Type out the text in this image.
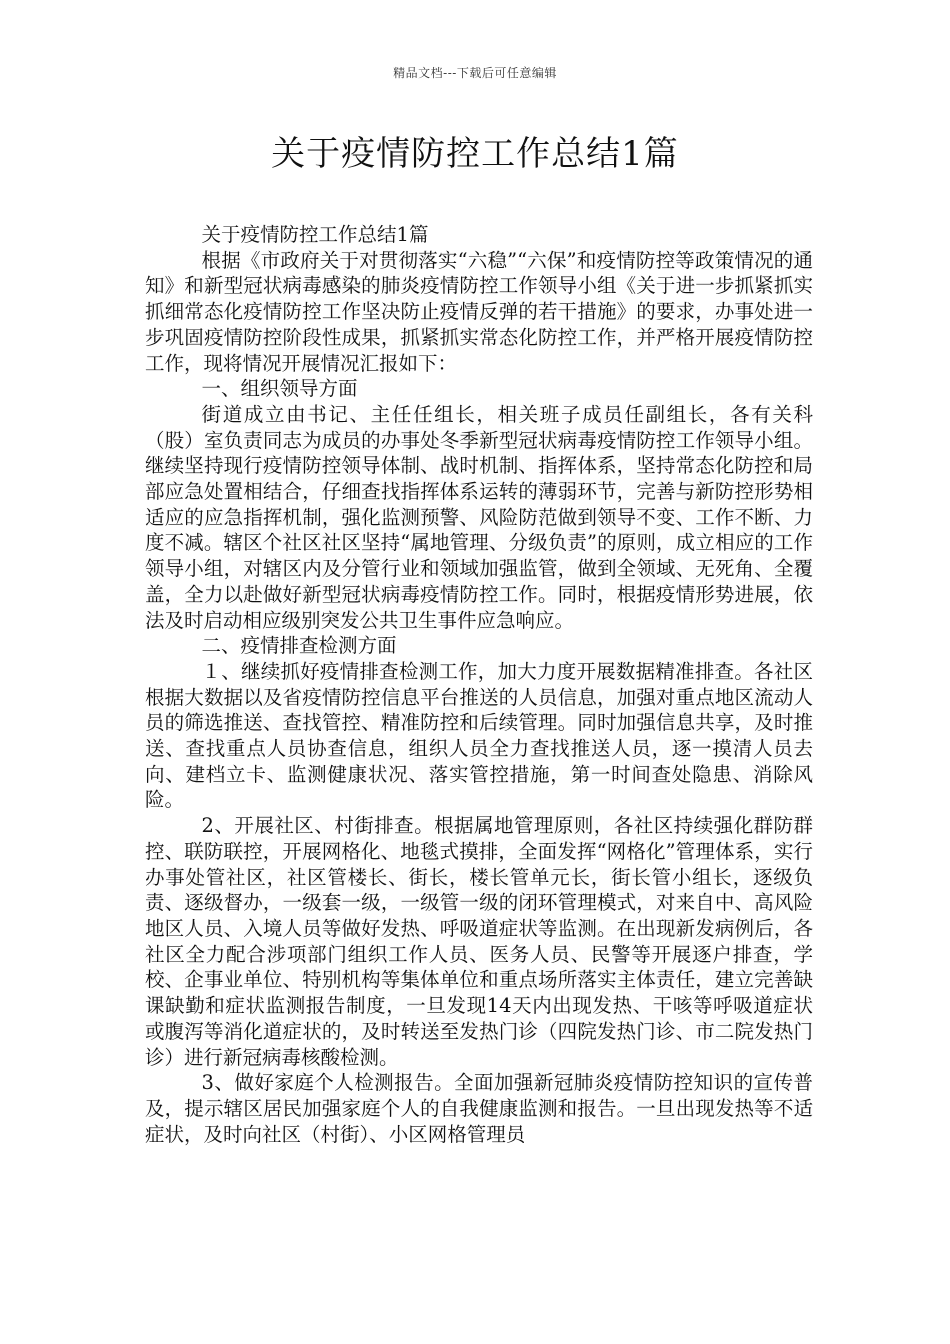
精品文档---下载后可任意编辑
关于疫情防控工作总结1篇

关于疫情防控工作总结1篇

根据《市政府关于对贯彻落实“六稳”“六保”和疫情防控等政策情况的通知》和新型冠状病毒感染的肺炎疫情防控工作领导小组《关于进一步抓紧抓实抓细常态化疫情防控工作坚决防止疫情反弹的若干措施》的要求，办事处进一步巩固疫情防控阶段性成果，抓紧抓实常态化防控工作，并严格开展疫情防控工作，现将情况开展情况汇报如下：

一、组织领导方面

街道成立由书记、主任任组长，相关班子成员任副组长，各有关科（股）室负责同志为成员的办事处冬季新型冠状病毒疫情防控工作领导小组。继续坚持现行疫情防控领导体制、战时机制、指挥体系，坚持常态化防控和局部应急处置相结合，仔细查找指挥体系运转的薄弱环节，完善与新防控形势相适应的应急指挥机制，强化监测预警、风险防范做到领导不变、工作不断、力度不减。辖区个社区社区坚持“属地管理、分级负责”的原则，成立相应的工作领导小组，对辖区内及分管行业和领域加强监管，做到全领域、无死角、全覆盖，全力以赴做好新型冠状病毒疫情防控工作。同时，根据疫情形势进展，依法及时启动相应级别突发公共卫生事件应急响应。

二、疫情排查检测方面

１、继续抓好疫情排查检测工作，加大力度开展数据精准排查。各社区根据大数据以及省疫情防控信息平台推送的人员信息，加强对重点地区流动人员的筛选推送、查找管控、精准防控和后续管理。同时加强信息共享，及时推送、查找重点人员协查信息，组织人员全力查找推送人员，逐一摸清人员去向、建档立卡、监测健康状况、落实管控措施，第一时间查处隐患、消除风险。

2、开展社区、村街排查。根据属地管理原则，各社区持续强化群防群控、联防联控，开展网格化、地毯式摸排，全面发挥“网格化”管理体系，实行办事处管社区，社区管楼长、街长，楼长管单元长，街长管小组长，逐级负责、逐级督办，一级套一级，一级管一级的闭环管理模式，对来自中、高风险地区人员、入境人员等做好发热、呼吸道症状等监测。在出现新发病例后，各社区全力配合涉项部门组织工作人员、医务人员、民警等开展逐户排查，学校、企事业单位、特别机构等集体单位和重点场所落实主体责任，建立完善缺课缺勤和症状监测报告制度，一旦发现14天内出现发热、干咳等呼吸道症状或腹泻等消化道症状的，及时转送至发热门诊（四院发热门诊、市二院发热门诊）进行新冠病毒核酸检测。

3、做好家庭个人检测报告。全面加强新冠肺炎疫情防控知识的宣传普及，提示辖区居民加强家庭个人的自我健康监测和报告。一旦出现发热等不适症状，及时向社区（村街）、小区网格管理员
